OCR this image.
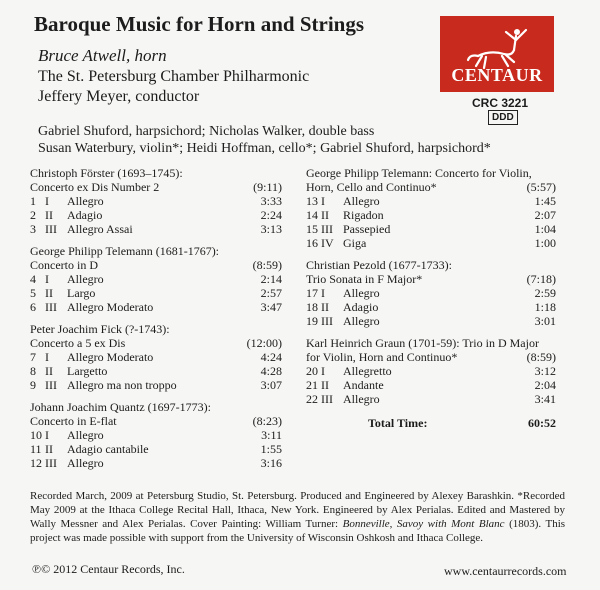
Baroque Music for Horn and Strings
Bruce Atwell, horn
The St. Petersburg Chamber Philharmonic
Jeffery Meyer, conductor
CENTAUR
CRC 3221
DDD
Gabriel Shuford, harpsichord; Nicholas Walker, double bass
Susan Waterbury, violin*; Heidi Hoffman, cello*; Gabriel Shuford, harpsichord*
Christoph Förster (1693–1745):
Concerto ex Dis Number 2	(9:11)
1 I	Allegro	3:33
2 II	Adagio	2:24
3 III Allegro Assai	3:13
George Philipp Telemann (1681-1767):
Concerto in D	(8:59)
4 I	Allegro	2:14
5 II	Largo	2:57
6 III Allegro Moderato	3:47
Peter Joachim Fick (?-1743):
Concerto a 5 ex Dis	(12:00)
7 I	Allegro Moderato	4:24
8 II	Largetto	4:28
9 III Allegro ma non troppo	3:07
Johann Joachim Quantz (1697-1773):
Concerto in E-flat	(8:23)
10 I	Allegro	3:11
11 II	Adagio cantabile	1:55
12 III Allegro	3:16
George Philipp Telemann: Concerto for Violin,
Horn, Cello and Continuo*	(5:57)
13 I	Allegro	1:45
14 II	Rigadon	2:07
15 III Passepied	1:04
16 IV Giga	1:00
Christian Pezold (1677-1733):
Trio Sonata in F Major*	(7:18)
17 I	Allegro	2:59
18 II	Adagio	1:18
19 III Allegro	3:01
Karl Heinrich Graun (1701-59): Trio in D Major
for Violin, Horn and Continuo*	(8:59)
20 I	Allegretto	3:12
21 II	Andante	2:04
22 III Allegro	3:41
Total Time:	60:52
Recorded March, 2009 at Petersburg Studio, St. Petersburg. Produced and Engineered by Alexey Barashkin. *Recorded May 2009 at the Ithaca College Recital Hall, Ithaca, New York. Engineered by Alex Perialas. Edited and Mastered by Wally Messner and Alex Perialas. Cover Painting: William Turner: Bonneville, Savoy with Mont Blanc (1803). This project was made possible with support from the University of Wisconsin Oshkosh and Ithaca College.
℗© 2012 Centaur Records, Inc.	www.centaurrecords.com
